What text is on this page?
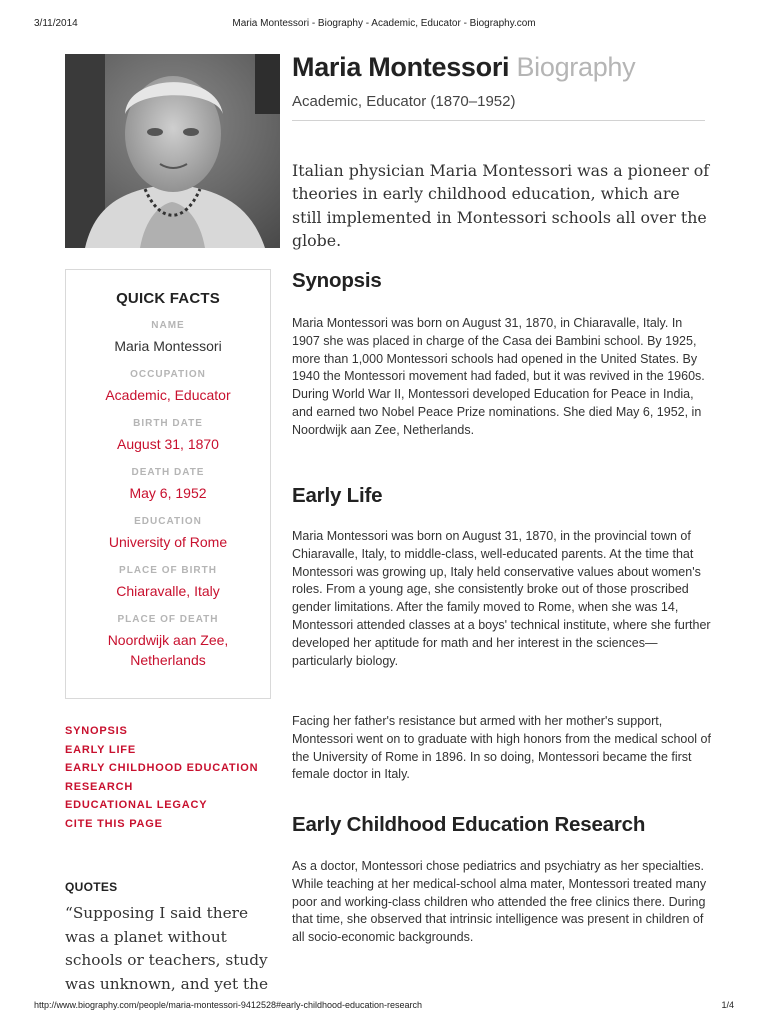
3/11/2014	Maria Montessori - Biography - Academic, Educator - Biography.com
QUICK FACTS
NAME
Maria Montessori
OCCUPATION
Academic, Educator
BIRTH DATE
August 31, 1870
DEATH DATE
May 6, 1952
EDUCATION
University of Rome
PLACE OF BIRTH
Chiaravalle, Italy
PLACE OF DEATH
Noordwijk aan Zee,
Netherlands
SYNOPSIS
EARLY LIFE
EARLY CHILDHOOD EDUCATION
RESEARCH
EDUCATIONAL LEGACY
CITE THIS PAGE
QUOTES
“Supposing I said there was a planet without schools or teachers, study was unknown, and yet the
Maria Montessori Biography
Academic, Educator (1870–1952)

Italian physician Maria Montessori was a pioneer of theories in early childhood education, which are still implemented in Montessori schools all over the globe.

Synopsis

Maria Montessori was born on August 31, 1870, in Chiaravalle, Italy. In 1907 she was placed in charge of the Casa dei Bambini school. By 1925, more than 1,000 Montessori schools had opened in the United States. By 1940 the Montessori movement had faded, but it was revived in the 1960s. During World War II, Montessori developed Education for Peace in India, and earned two Nobel Peace Prize nominations. She died May 6, 1952, in Noordwijk aan Zee, Netherlands.

Early Life

Maria Montessori was born on August 31, 1870, in the provincial town of Chiaravalle, Italy, to middle-class, well-educated parents. At the time that Montessori was growing up, Italy held conservative values about women's roles. From a young age, she consistently broke out of those proscribed gender limitations. After the family moved to Rome, when she was 14, Montessori attended classes at a boys' technical institute, where she further developed her aptitude for math and her interest in the sciences—particularly biology.

Facing her father's resistance but armed with her mother's support, Montessori went on to graduate with high honors from the medical school of the University of Rome in 1896. In so doing, Montessori became the first female doctor in Italy.

Early Childhood Education Research

As a doctor, Montessori chose pediatrics and psychiatry as her specialties. While teaching at her medical-school alma mater, Montessori treated many poor and working-class children who attended the free clinics there. During that time, she observed that intrinsic intelligence was present in children of all socio-economic backgrounds.

http://www.biography.com/people/maria-montessori-9412528#early-childhood-education-research	1/4
